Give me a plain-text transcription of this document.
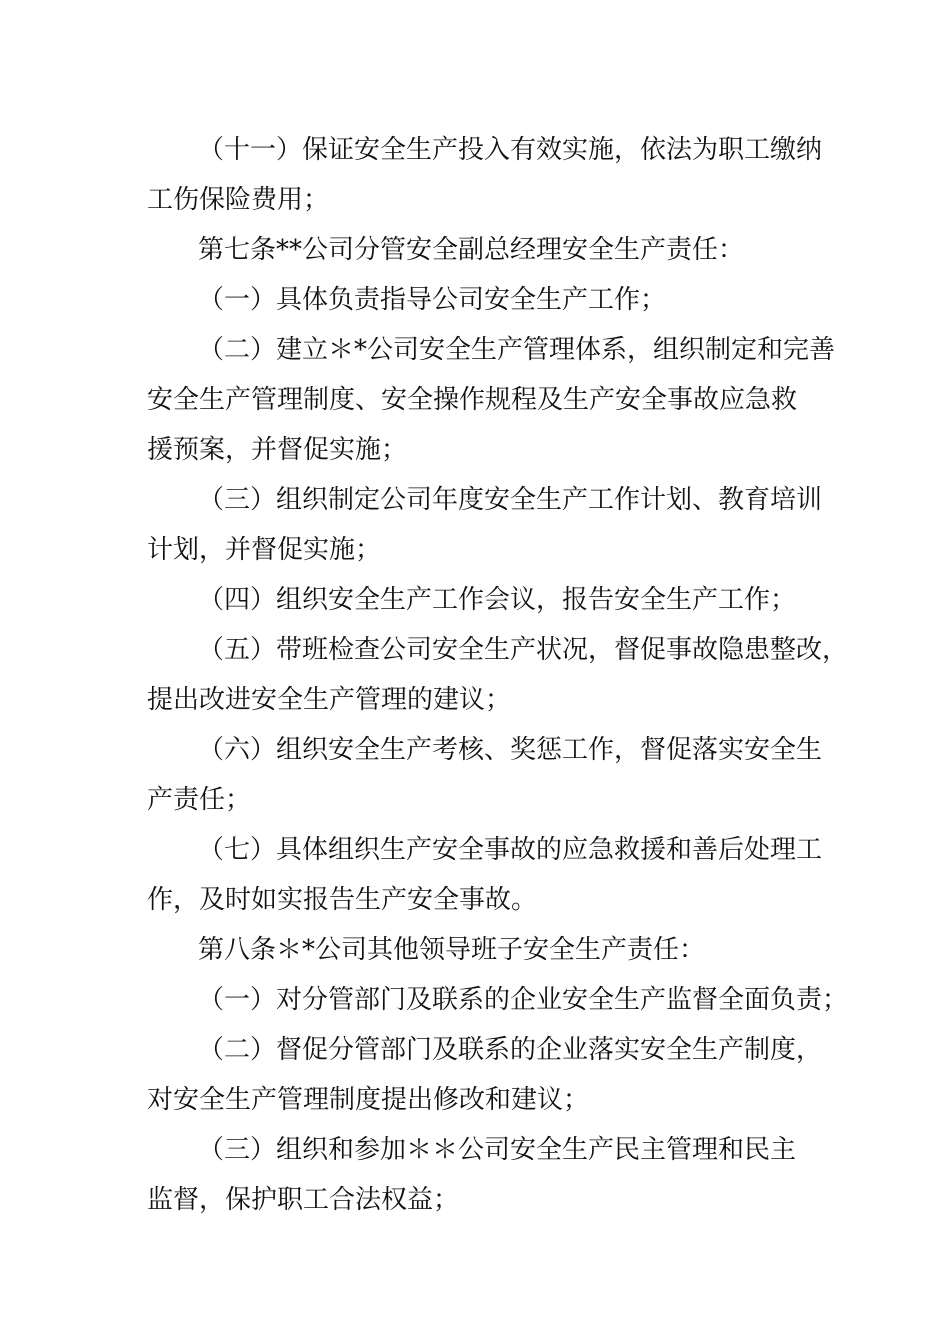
（十一）保证安全生产投入有效实施，依法为职工缴纳
工伤保险费用；
第七条**公司分管安全副总经理安全生产责任：
（一）具体负责指导公司安全生产工作；
（二）建立＊*公司安全生产管理体系，组织制定和完善
安全生产管理制度、安全操作规程及生产安全事故应急救
援预案，并督促实施；
（三）组织制定公司年度安全生产工作计划、教育培训
计划，并督促实施；
（四）组织安全生产工作会议，报告安全生产工作；
（五）带班检查公司安全生产状况，督促事故隐患整改，
提出改进安全生产管理的建议；
（六）组织安全生产考核、奖惩工作，督促落实安全生
产责任；
（七）具体组织生产安全事故的应急救援和善后处理工
作，及时如实报告生产安全事故。
第八条＊*公司其他领导班子安全生产责任：
（一）对分管部门及联系的企业安全生产监督全面负责；
（二）督促分管部门及联系的企业落实安全生产制度，
对安全生产管理制度提出修改和建议；
（三）组织和参加＊＊公司安全生产民主管理和民主
监督，保护职工合法权益；
